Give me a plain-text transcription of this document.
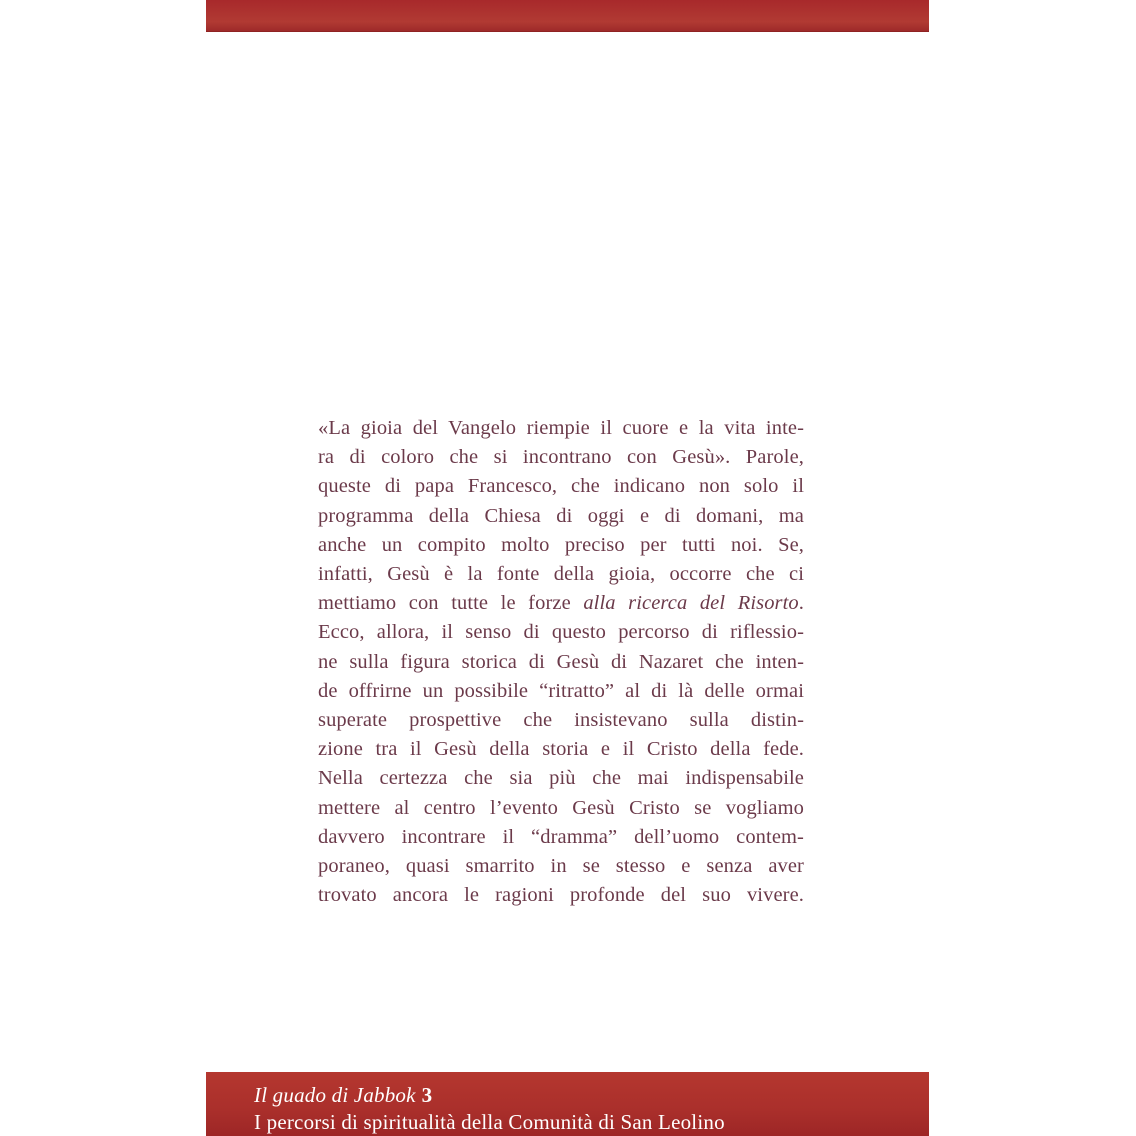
«La gioia del Vangelo riempie il cuore e la vita inte-
ra di coloro che si incontrano con Gesù». Parole,
queste di papa Francesco, che indicano non solo il
programma della Chiesa di oggi e di domani, ma
anche un compito molto preciso per tutti noi. Se,
infatti, Gesù è la fonte della gioia, occorre che ci
mettiamo con tutte le forze alla ricerca del Risorto.
Ecco, allora, il senso di questo percorso di riflessio-
ne sulla figura storica di Gesù di Nazaret che inten-
de offrirne un possibile “ritratto” al di là delle ormai
superate prospettive che insistevano sulla distin-
zione tra il Gesù della storia e il Cristo della fede.
Nella certezza che sia più che mai indispensabile
mettere al centro l’evento Gesù Cristo se vogliamo
davvero incontrare il “dramma” dell’uomo contem-
poraneo, quasi smarrito in se stesso e senza aver
trovato ancora le ragioni profonde del suo vivere.
Il guado di Jabbok 3
I percorsi di spiritualità della Comunità di San Leolino
